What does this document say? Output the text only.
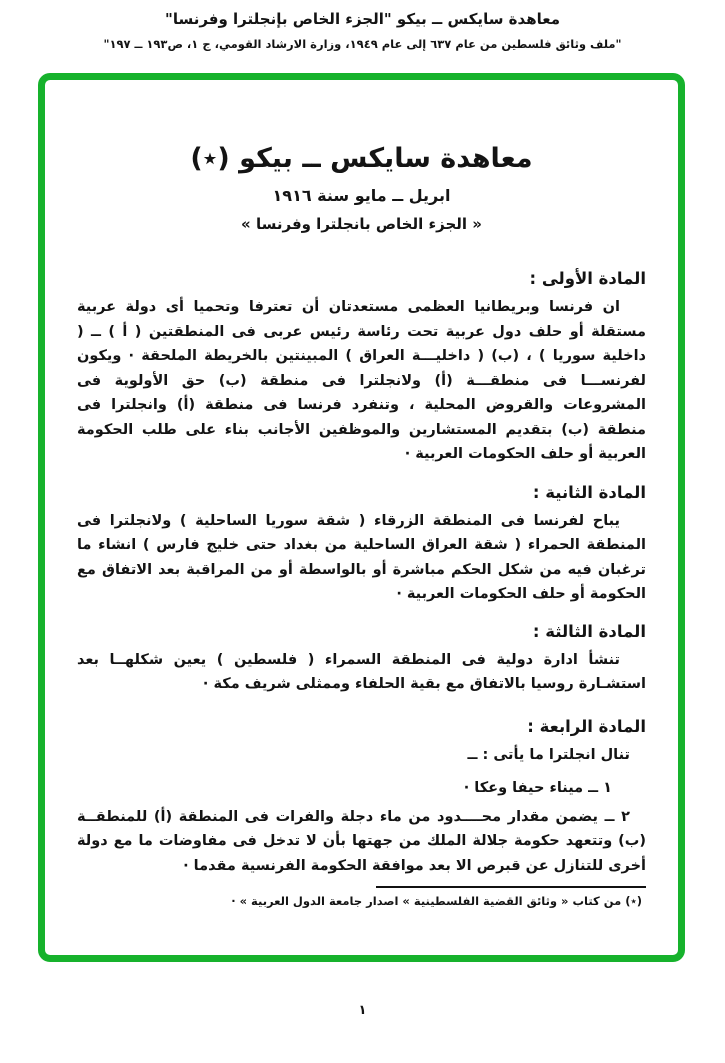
معاهدة سايكس ــ بيكو "الجزء الخاص بإنجلترا وفرنسا"
"ملف وثائق فلسطين من عام ٦٣٧ إلى عام ١٩٤٩، وزارة الارشاد القومي، ج ١، ص١٩٣ ــ ١٩٧"
معاهدة سايكس ــ بيكو (٭)
ابريل ــ مايو سنة ١٩١٦
« الجزء الخاص بانجلترا وفرنسا »
المادة الأولى :
ان فرنسا وبريطانيا العظمى مستعدتان أن تعترفا وتحميا أى دولة عربية مستقلة أو حلف دول عربية تحت رئاسة رئيس عربى فى المنطقتين ( أ ) ــ ( داخلية سوريا ) ، (ب) ( داخليـــة العراق ) المبينتين بالخريطة الملحقة · ويكون لفرنســـا فى منطقـــة (أ) ولانجلترا فى منطقة (ب) حق الأولوية فى المشروعات والقروض المحلية ، وتنفرد فرنسا فى منطقة (أ) وانجلترا فى منطقة (ب) بتقديم المستشارين والموظفين الأجانب بناء على طلب الحكومة العربية أو حلف الحكومات العربية ·
المادة الثانية :
يباح لفرنسا فى المنطقة الزرقاء ( شقة سوريا الساحلية ) ولانجلترا فى المنطقة الحمراء ( شقة العراق الساحلية من بغداد حتى خليج فارس ) انشاء ما ترغبان فيه من شكل الحكم مباشرة أو بالواسطة أو من المراقبة بعد الاتفاق مع الحكومة أو حلف الحكومات العربية ·
المادة الثالثة :
تنشأ ادارة دولية فى المنطقة السمراء ( فلسطين ) يعين شكلهــا بعد استشـارة روسيا بالاتفاق مع بقية الحلفاء وممثلى شريف مكة ·
المادة الرابعة :
تنال انجلترا ما يأتى : ــ
١ ــ ميناء حيفا وعكا ·
٢ ــ يضمن مقدار محــــدود من ماء دجلة والفرات فى المنطقة (أ) للمنطقــة (ب) وتتعهد حكومة جلالة الملك من جهتها بأن لا تدخل فى مفاوضات ما مع دولة أخرى للتنازل عن قبرص الا بعد موافقة الحكومة الفرنسية مقدما ·
(٭) من كتاب « وثائق القضية الفلسطينية » اصدار جامعة الدول العربية » ·
١
